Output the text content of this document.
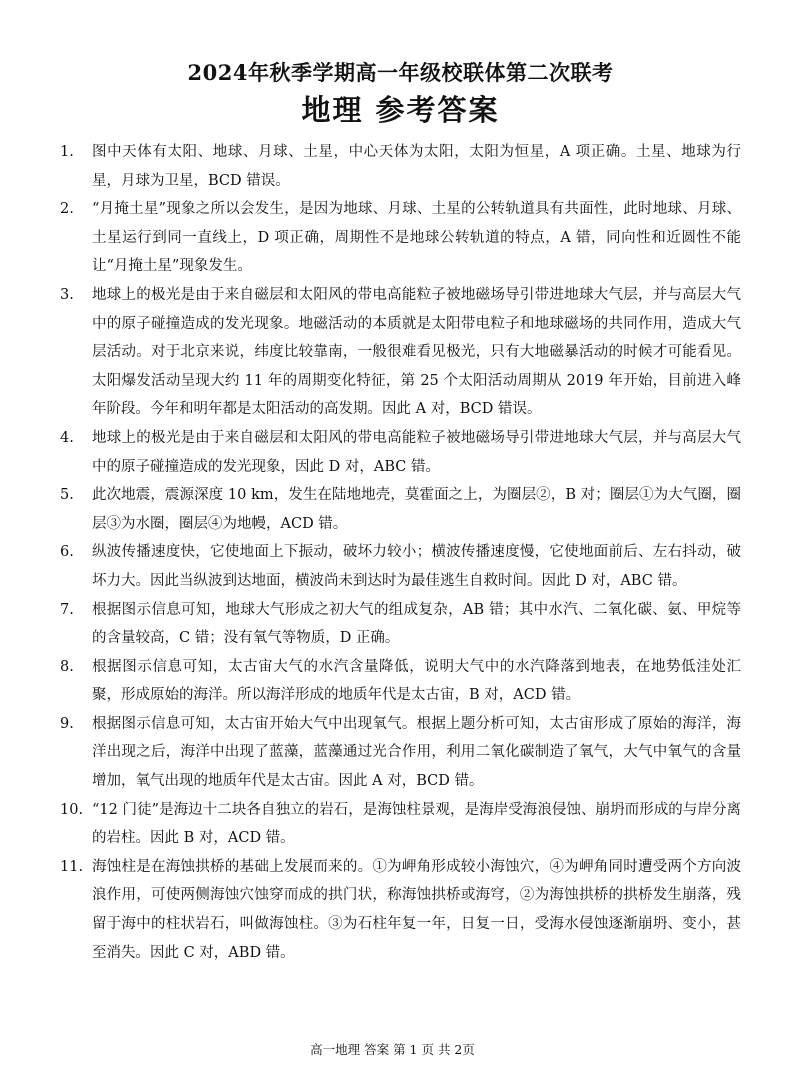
2024年秋季学期高一年级校联体第二次联考
地理 参考答案
1.	图中天体有太阳、地球、月球、土星，中心天体为太阳，太阳为恒星，A 项正确。土星、地球为行星，月球为卫星，BCD 错误。
2.	“月掩土星”现象之所以会发生，是因为地球、月球、土星的公转轨道具有共面性，此时地球、月球、土星运行到同一直线上，D 项正确，周期性不是地球公转轨道的特点，A 错，同向性和近圆性不能让“月掩土星”现象发生。
3.	地球上的极光是由于来自磁层和太阳风的带电高能粒子被地磁场导引带进地球大气层，并与高层大气中的原子碰撞造成的发光现象。地磁活动的本质就是太阳带电粒子和地球磁场的共同作用，造成大气层活动。对于北京来说，纬度比较靠南，一般很难看见极光，只有大地磁暴活动的时候才可能看见。太阳爆发活动呈现大约 11 年的周期变化特征，第 25 个太阳活动周期从 2019 年开始，目前进入峰年阶段。今年和明年都是太阳活动的高发期。因此 A 对，BCD 错误。
4.	地球上的极光是由于来自磁层和太阳风的带电高能粒子被地磁场导引带进地球大气层，并与高层大气中的原子碰撞造成的发光现象，因此 D 对，ABC 错。
5.	此次地震，震源深度 10 km，发生在陆地地壳，莫霍面之上，为圈层②，B 对；圈层①为大气圈，圈层③为水圈，圈层④为地幔，ACD 错。
6.	纵波传播速度快，它使地面上下振动，破坏力较小；横波传播速度慢，它使地面前后、左右抖动，破坏力大。因此当纵波到达地面，横波尚未到达时为最佳逃生自救时间。因此 D 对，ABC 错。
7.	根据图示信息可知，地球大气形成之初大气的组成复杂，AB 错；其中水汽、二氧化碳、氨、甲烷等的含量较高，C 错；没有氧气等物质，D 正确。
8.	根据图示信息可知，太古宙大气的水汽含量降低，说明大气中的水汽降落到地表，在地势低洼处汇聚，形成原始的海洋。所以海洋形成的地质年代是太古宙，B 对，ACD 错。
9.	根据图示信息可知，太古宙开始大气中出现氧气。根据上题分析可知，太古宙形成了原始的海洋，海洋出现之后，海洋中出现了蓝藻，蓝藻通过光合作用，利用二氧化碳制造了氧气，大气中氧气的含量增加，氧气出现的地质年代是太古宙。因此 A 对，BCD 错。
10. “12 门徒”是海边十二块各自独立的岩石，是海蚀柱景观，是海岸受海浪侵蚀、崩坍而形成的与岸分离的岩柱。因此 B 对，ACD 错。
11. 海蚀柱是在海蚀拱桥的基础上发展而来的。①为岬角形成较小海蚀穴，④为岬角同时遭受两个方向波浪作用，可使两侧海蚀穴蚀穿而成的拱门状，称海蚀拱桥或海穹，②为海蚀拱桥的拱桥发生崩落，残留于海中的柱状岩石，叫做海蚀柱。③为石柱年复一年，日复一日，受海水侵蚀逐渐崩坍、变小，甚至消失。因此 C 对，ABD 错。
高一地理 答案 第 1 页 共 2页
